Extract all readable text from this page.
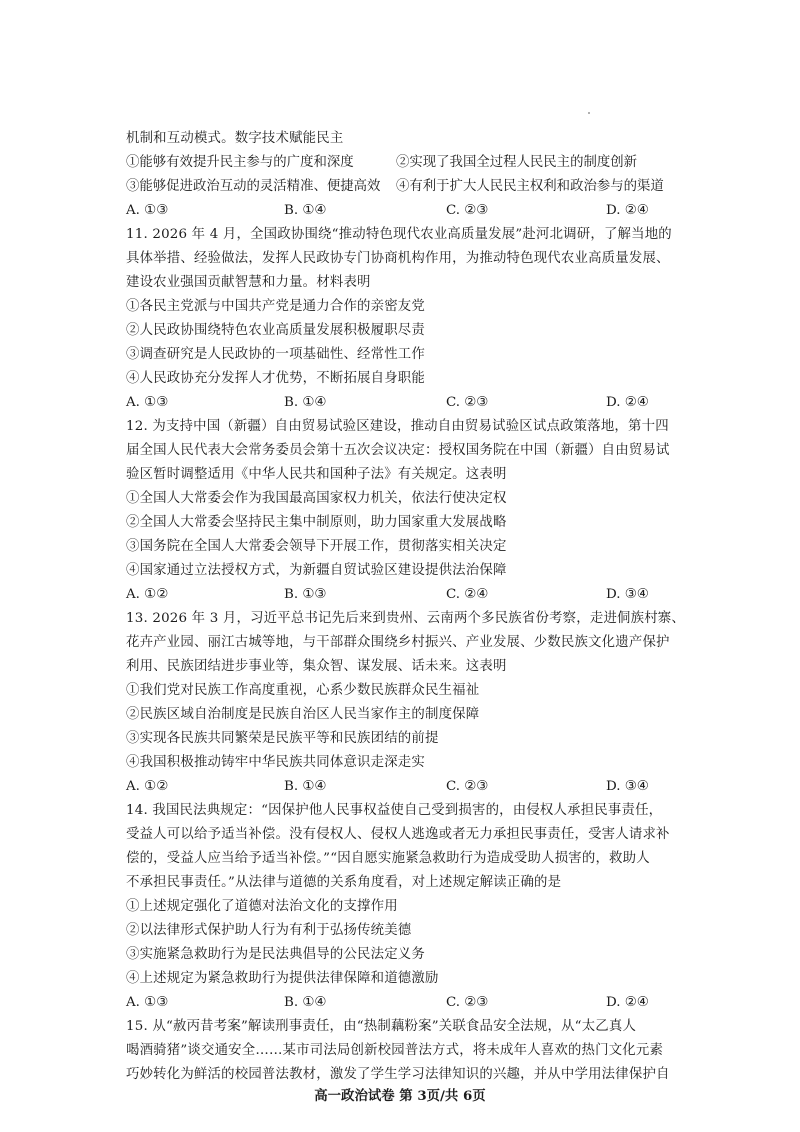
机制和互动模式。数字技术赋能民主
①能够有效提升民主参与的广度和深度	②实现了我国全过程人民民主的制度创新
③能够促进政治互动的灵活精准、便捷高效 ④有利于扩大人民民主权利和政治参与的渠道
A. ①③	B. ①④	C. ②③	D. ②④
11. 2026 年 4 月，全国政协围绕“推动特色现代农业高质量发展”赴河北调研，了解当地的
具体举措、经验做法，发挥人民政协专门协商机构作用，为推动特色现代农业高质量发展、
建设农业强国贡献智慧和力量。材料表明
①各民主党派与中国共产党是通力合作的亲密友党
②人民政协围绕特色农业高质量发展积极履职尽责
③调查研究是人民政协的一项基础性、经常性工作
④人民政协充分发挥人才优势，不断拓展自身职能
A. ①③	B. ①④	C. ②③	D. ②④
12. 为支持中国（新疆）自由贸易试验区建设，推动自由贸易试验区试点政策落地，第十四
届全国人民代表大会常务委员会第十五次会议决定：授权国务院在中国（新疆）自由贸易试
验区暂时调整适用《中华人民共和国种子法》有关规定。这表明
①全国人大常委会作为我国最高国家权力机关，依法行使决定权
②全国人大常委会坚持民主集中制原则，助力国家重大发展战略
③国务院在全国人大常委会领导下开展工作，贯彻落实相关决定
④国家通过立法授权方式，为新疆自贸试验区建设提供法治保障
A. ①②	B. ①③	C. ②④	D. ③④
13. 2026 年 3 月，习近平总书记先后来到贵州、云南两个多民族省份考察，走进侗族村寨、
花卉产业园、丽江古城等地，与干部群众围绕乡村振兴、产业发展、少数民族文化遗产保护
利用、民族团结进步事业等，集众智、谋发展、话未来。这表明
①我们党对民族工作高度重视，心系少数民族群众民生福祉
②民族区域自治制度是民族自治区人民当家作主的制度保障
③实现各民族共同繁荣是民族平等和民族团结的前提
④我国积极推动铸牢中华民族共同体意识走深走实
A. ①②	B. ①④	C. ②③	D. ③④
14. 我国民法典规定：“因保护他人民事权益使自己受到损害的，由侵权人承担民事责任，
受益人可以给予适当补偿。没有侵权人、侵权人逃逸或者无力承担民事责任，受害人请求补
偿的，受益人应当给予适当补偿。”“因自愿实施紧急救助行为造成受助人损害的，救助人
不承担民事责任。”从法律与道德的关系角度看，对上述规定解读正确的是
①上述规定强化了道德对法治文化的支撑作用
②以法律形式保护助人行为有利于弘扬传统美德
③实施紧急救助行为是民法典倡导的公民法定义务
④上述规定为紧急救助行为提供法律保障和道德激励
A. ①③	B. ①④	C. ②③	D. ②④
15. 从“赦丙昔考案”解读刑事责任，由“热制藕粉案”关联食品安全法规，从“太乙真人
喝酒骑猪”谈交通安全……某市司法局创新校园普法方式，将未成年人喜欢的热门文化元素
巧妙转化为鲜活的校园普法教材，激发了学生学习法律知识的兴趣，并从中学用法律保护自
高一政治试卷 第 3页/共 6页
